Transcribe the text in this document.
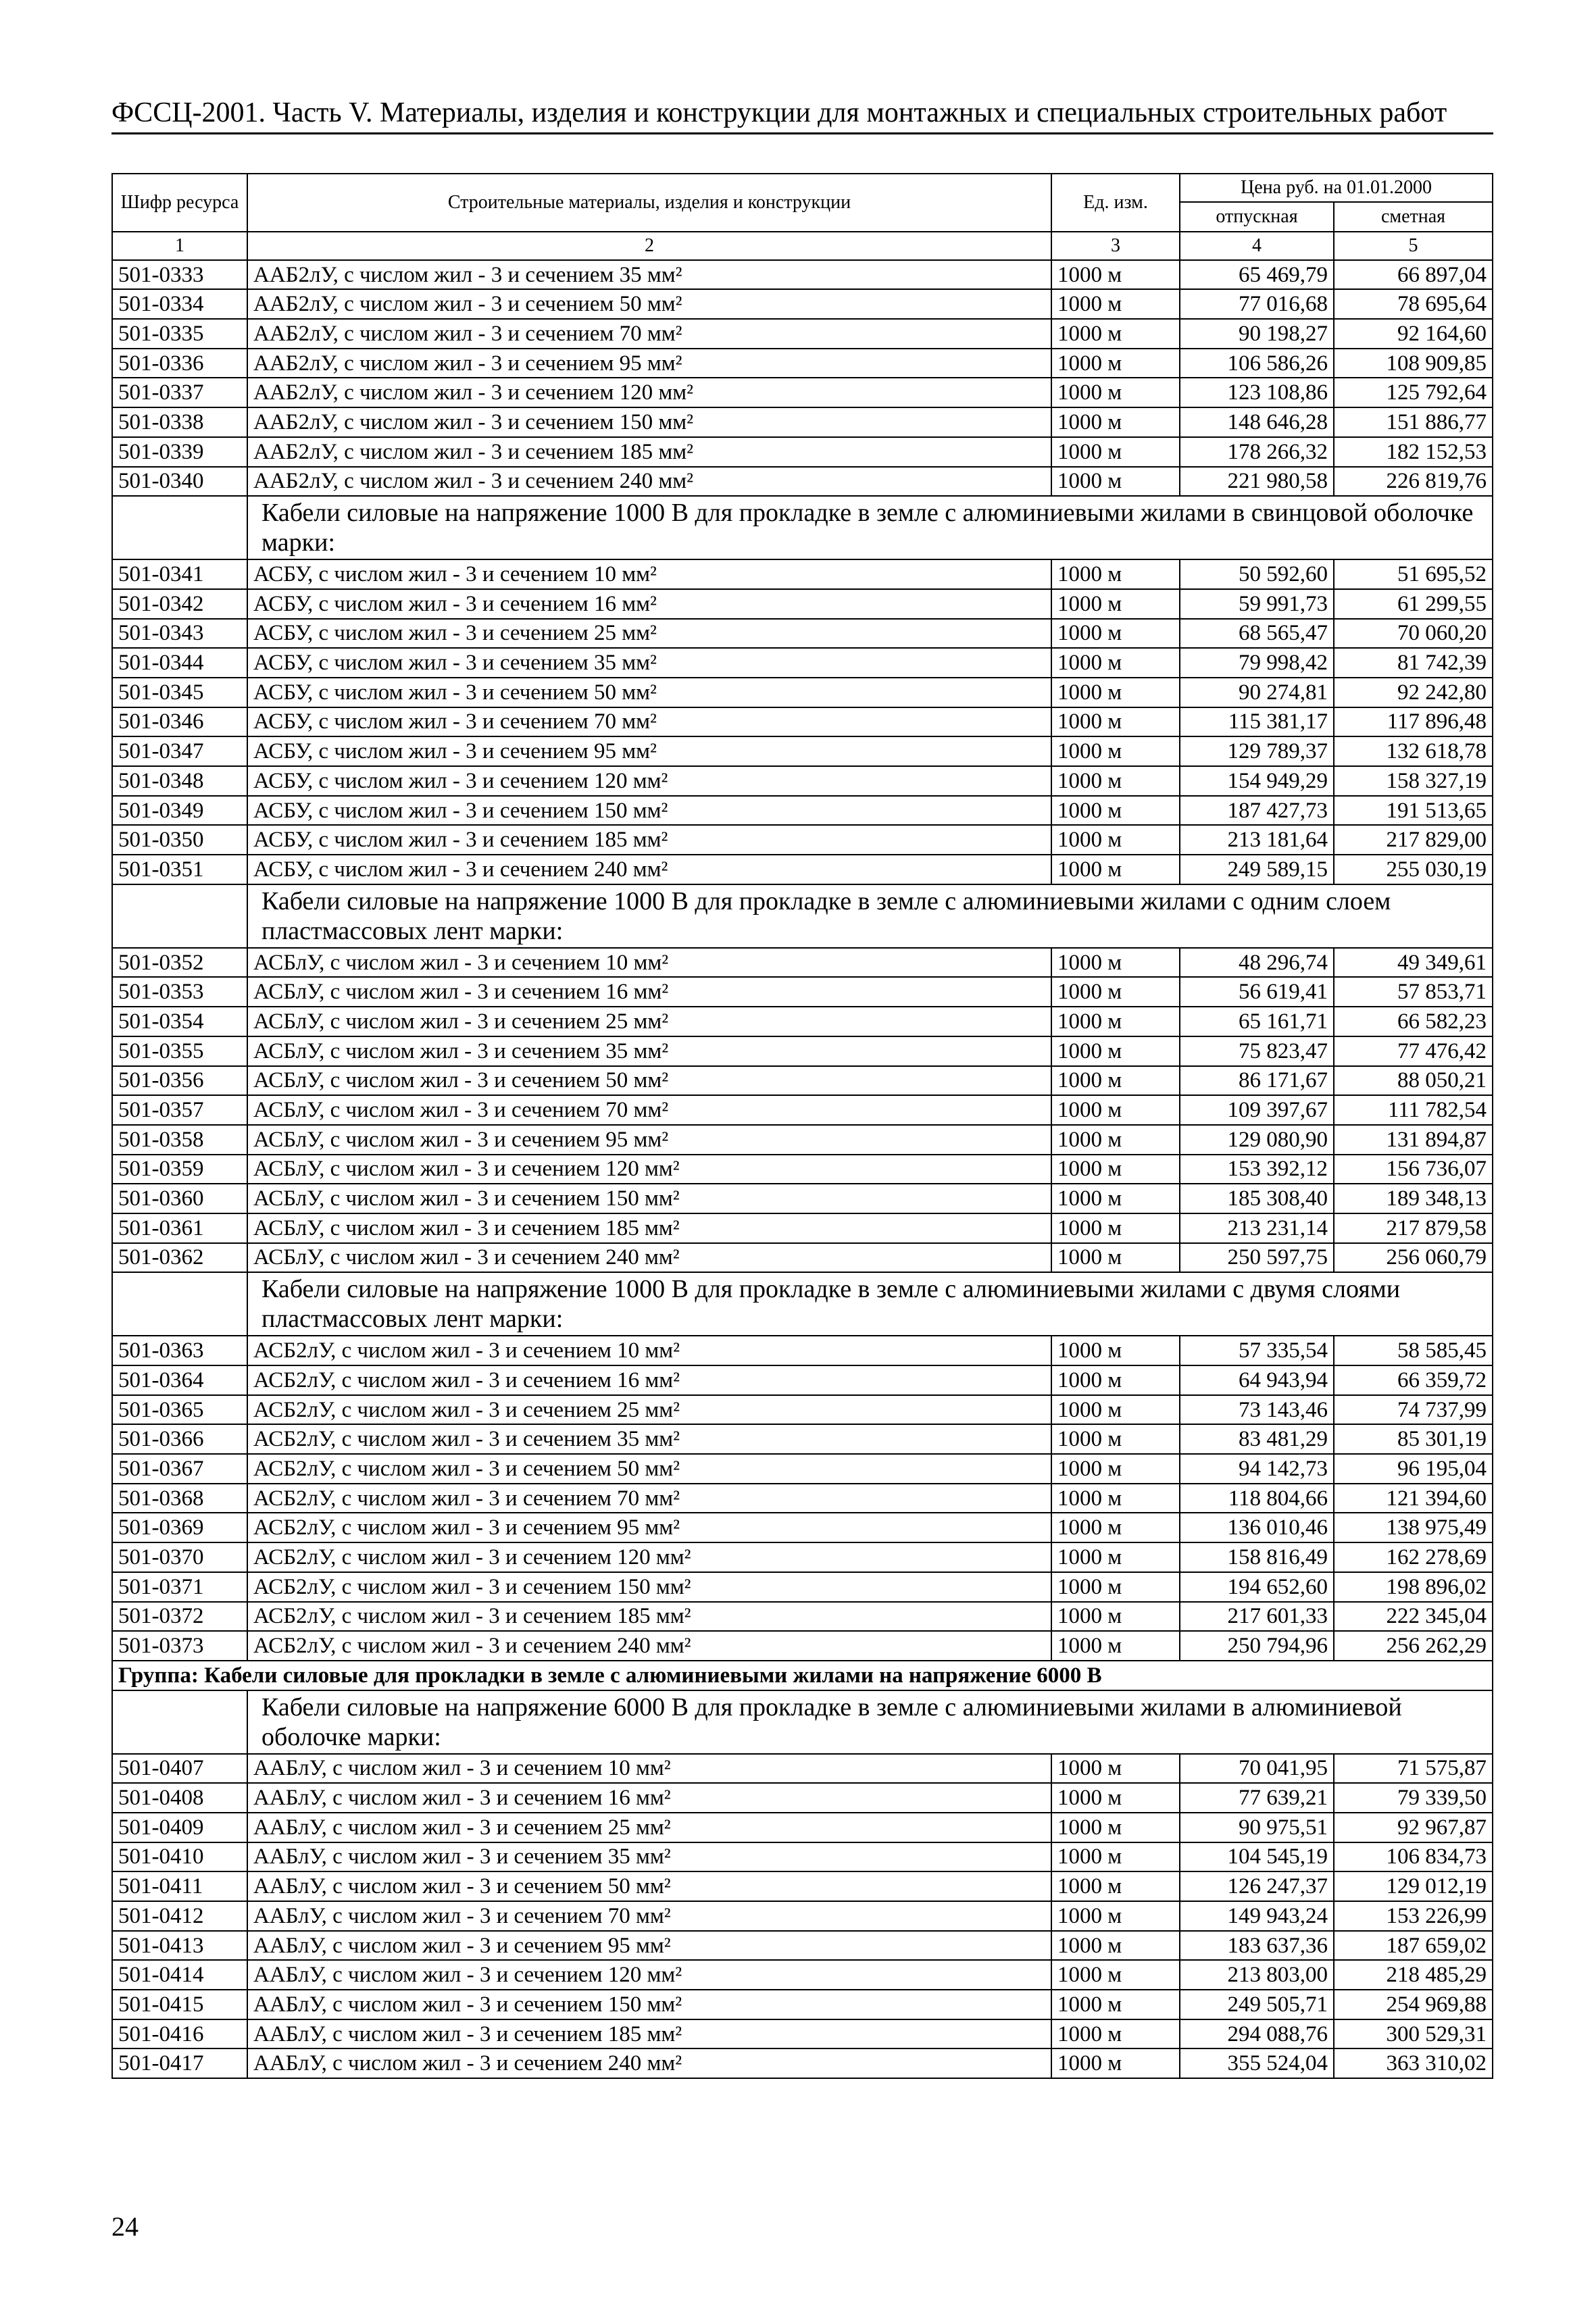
ФССЦ-2001. Часть V. Материалы, изделия и конструкции для монтажных и специальных строительных работ
Шифр ресурса	Строительные материалы, изделия и конструкции	Ед. изм.	Цена руб. на 01.01.2000	
			отпускная	сметная
1	2	3	4	5
501-0333	ААБ2лУ, с числом жил - 3 и сечением 35 мм²	1000 м	65 469,79	66 897,04
501-0334	ААБ2лУ, с числом жил - 3 и сечением 50 мм²	1000 м	77 016,68	78 695,64
501-0335	ААБ2лУ, с числом жил - 3 и сечением 70 мм²	1000 м	90 198,27	92 164,60
501-0336	ААБ2лУ, с числом жил - 3 и сечением 95 мм²	1000 м	106 586,26	108 909,85
501-0337	ААБ2лУ, с числом жил - 3 и сечением 120 мм²	1000 м	123 108,86	125 792,64
501-0338	ААБ2лУ, с числом жил - 3 и сечением 150 мм²	1000 м	148 646,28	151 886,77
501-0339	ААБ2лУ, с числом жил - 3 и сечением 185 мм²	1000 м	178 266,32	182 152,53
501-0340	ААБ2лУ, с числом жил - 3 и сечением 240 мм²	1000 м	221 980,58	226 819,76
	Кабели силовые на напряжение 1000 В для прокладке в земле с алюминиевыми жилами в свинцовой оболочке марки:			
501-0341	АСБУ, с числом жил - 3 и сечением 10 мм²	1000 м	50 592,60	51 695,52
501-0342	АСБУ, с числом жил - 3 и сечением 16 мм²	1000 м	59 991,73	61 299,55
501-0343	АСБУ, с числом жил - 3 и сечением 25 мм²	1000 м	68 565,47	70 060,20
501-0344	АСБУ, с числом жил - 3 и сечением 35 мм²	1000 м	79 998,42	81 742,39
501-0345	АСБУ, с числом жил - 3 и сечением 50 мм²	1000 м	90 274,81	92 242,80
501-0346	АСБУ, с числом жил - 3 и сечением 70 мм²	1000 м	115 381,17	117 896,48
501-0347	АСБУ, с числом жил - 3 и сечением 95 мм²	1000 м	129 789,37	132 618,78
501-0348	АСБУ, с числом жил - 3 и сечением 120 мм²	1000 м	154 949,29	158 327,19
501-0349	АСБУ, с числом жил - 3 и сечением 150 мм²	1000 м	187 427,73	191 513,65
501-0350	АСБУ, с числом жил - 3 и сечением 185 мм²	1000 м	213 181,64	217 829,00
501-0351	АСБУ, с числом жил - 3 и сечением 240 мм²	1000 м	249 589,15	255 030,19
	Кабели силовые на напряжение 1000 В для прокладке в земле с алюминиевыми жилами с одним слоем пластмассовых лент марки:			
501-0352	АСБлУ, с числом жил - 3 и сечением 10 мм²	1000 м	48 296,74	49 349,61
501-0353	АСБлУ, с числом жил - 3 и сечением 16 мм²	1000 м	56 619,41	57 853,71
501-0354	АСБлУ, с числом жил - 3 и сечением 25 мм²	1000 м	65 161,71	66 582,23
501-0355	АСБлУ, с числом жил - 3 и сечением 35 мм²	1000 м	75 823,47	77 476,42
501-0356	АСБлУ, с числом жил - 3 и сечением 50 мм²	1000 м	86 171,67	88 050,21
501-0357	АСБлУ, с числом жил - 3 и сечением 70 мм²	1000 м	109 397,67	111 782,54
501-0358	АСБлУ, с числом жил - 3 и сечением 95 мм²	1000 м	129 080,90	131 894,87
501-0359	АСБлУ, с числом жил - 3 и сечением 120 мм²	1000 м	153 392,12	156 736,07
501-0360	АСБлУ, с числом жил - 3 и сечением 150 мм²	1000 м	185 308,40	189 348,13
501-0361	АСБлУ, с числом жил - 3 и сечением 185 мм²	1000 м	213 231,14	217 879,58
501-0362	АСБлУ, с числом жил - 3 и сечением 240 мм²	1000 м	250 597,75	256 060,79
	Кабели силовые на напряжение 1000 В для прокладке в земле с алюминиевыми жилами с двумя слоями пластмассовых лент марки:			
501-0363	АСБ2лУ, с числом жил - 3 и сечением 10 мм²	1000 м	57 335,54	58 585,45
501-0364	АСБ2лУ, с числом жил - 3 и сечением 16 мм²	1000 м	64 943,94	66 359,72
501-0365	АСБ2лУ, с числом жил - 3 и сечением 25 мм²	1000 м	73 143,46	74 737,99
501-0366	АСБ2лУ, с числом жил - 3 и сечением 35 мм²	1000 м	83 481,29	85 301,19
501-0367	АСБ2лУ, с числом жил - 3 и сечением 50 мм²	1000 м	94 142,73	96 195,04
501-0368	АСБ2лУ, с числом жил - 3 и сечением 70 мм²	1000 м	118 804,66	121 394,60
501-0369	АСБ2лУ, с числом жил - 3 и сечением 95 мм²	1000 м	136 010,46	138 975,49
501-0370	АСБ2лУ, с числом жил - 3 и сечением 120 мм²	1000 м	158 816,49	162 278,69
501-0371	АСБ2лУ, с числом жил - 3 и сечением 150 мм²	1000 м	194 652,60	198 896,02
501-0372	АСБ2лУ, с числом жил - 3 и сечением 185 мм²	1000 м	217 601,33	222 345,04
501-0373	АСБ2лУ, с числом жил - 3 и сечением 240 мм²	1000 м	250 794,96	256 262,29
Группа: Кабели силовые для прокладки в земле с алюминиевыми жилами на напряжение 6000 В				
	Кабели силовые на напряжение 6000 В для прокладке в земле с алюминиевыми жилами в алюминиевой оболочке марки:			
501-0407	ААБлУ, с числом жил - 3 и сечением 10 мм²	1000 м	70 041,95	71 575,87
501-0408	ААБлУ, с числом жил - 3 и сечением 16 мм²	1000 м	77 639,21	79 339,50
501-0409	ААБлУ, с числом жил - 3 и сечением 25 мм²	1000 м	90 975,51	92 967,87
501-0410	ААБлУ, с числом жил - 3 и сечением 35 мм²	1000 м	104 545,19	106 834,73
501-0411	ААБлУ, с числом жил - 3 и сечением 50 мм²	1000 м	126 247,37	129 012,19
501-0412	ААБлУ, с числом жил - 3 и сечением 70 мм²	1000 м	149 943,24	153 226,99
501-0413	ААБлУ, с числом жил - 3 и сечением 95 мм²	1000 м	183 637,36	187 659,02
501-0414	ААБлУ, с числом жил - 3 и сечением 120 мм²	1000 м	213 803,00	218 485,29
501-0415	ААБлУ, с числом жил - 3 и сечением 150 мм²	1000 м	249 505,71	254 969,88
501-0416	ААБлУ, с числом жил - 3 и сечением 185 мм²	1000 м	294 088,76	300 529,31
501-0417	ААБлУ, с числом жил - 3 и сечением 240 мм²	1000 м	355 524,04	363 310,02
24
